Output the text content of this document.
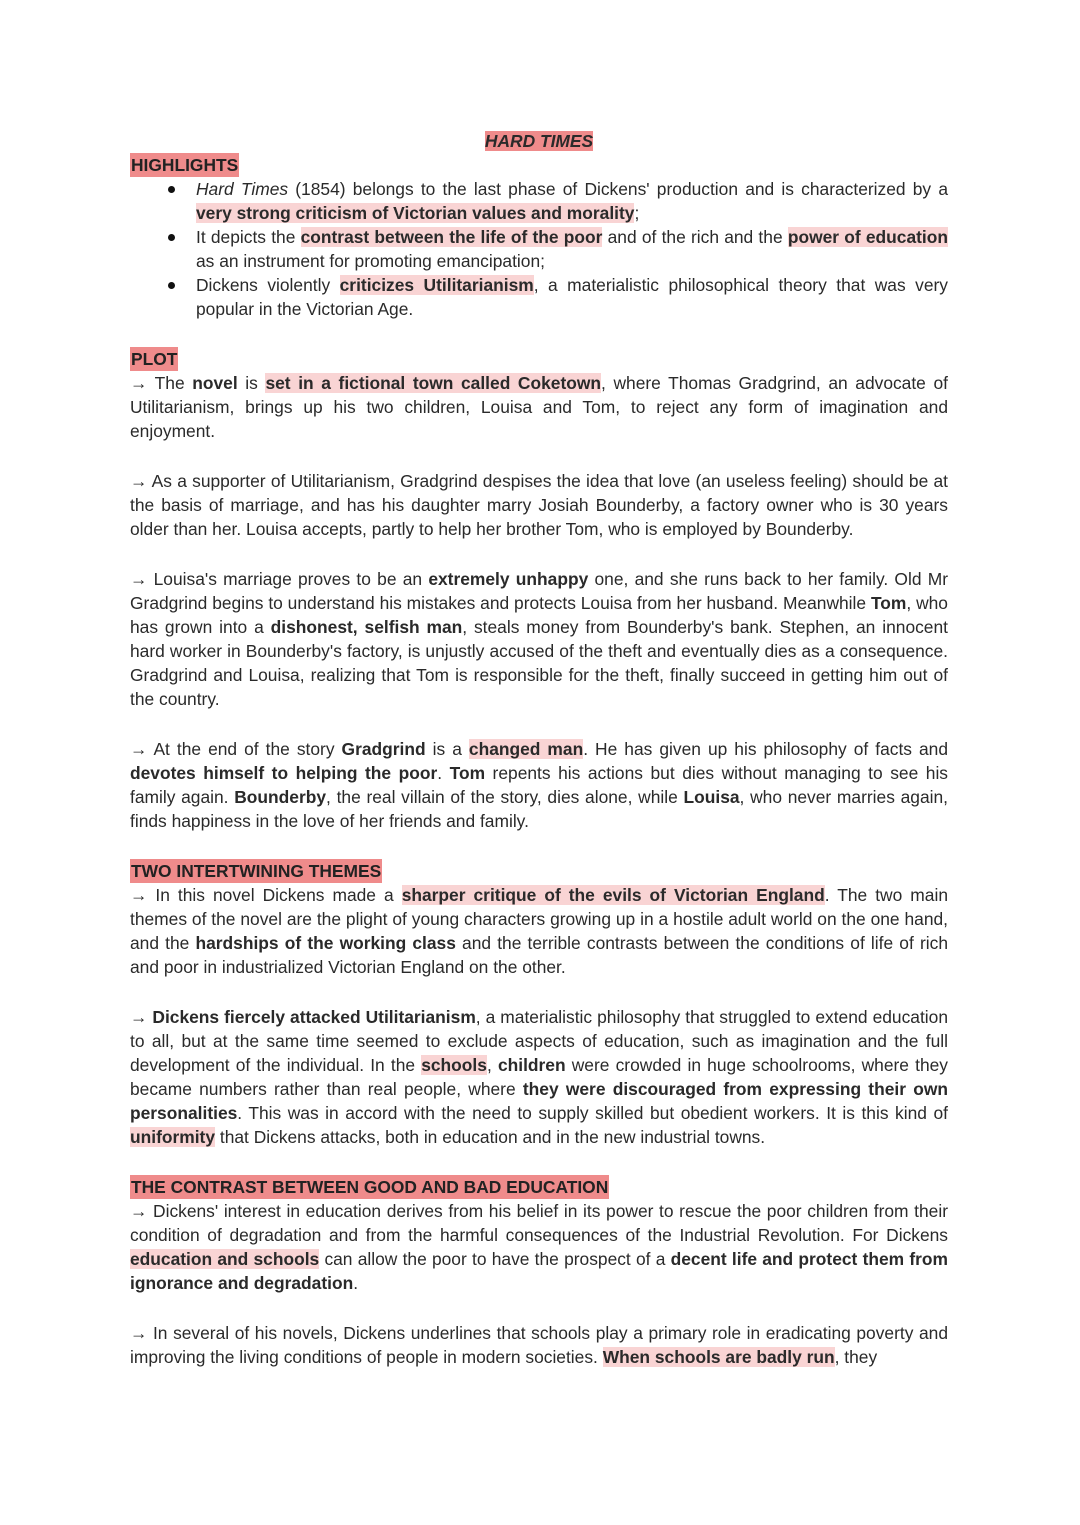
HARD TIMES
HIGHLIGHTS
Hard Times (1854) belongs to the last phase of Dickens' production and is characterized by a very strong criticism of Victorian values and morality;
It depicts the contrast between the life of the poor and of the rich and the power of education as an instrument for promoting emancipation;
Dickens violently criticizes Utilitarianism, a materialistic philosophical theory that was very popular in the Victorian Age.
PLOT

→ The novel is set in a fictional town called Coketown, where Thomas Gradgrind, an advocate of Utilitarianism, brings up his two children, Louisa and Tom, to reject any form of imagination and enjoyment.

→ As a supporter of Utilitarianism, Gradgrind despises the idea that love (an useless feeling) should be at the basis of marriage, and has his daughter marry Josiah Bounderby, a factory owner who is 30 years older than her. Louisa accepts, partly to help her brother Tom, who is employed by Bounderby.

→ Louisa's marriage proves to be an extremely unhappy one, and she runs back to her family. Old Mr Gradgrind begins to understand his mistakes and protects Louisa from her husband. Meanwhile Tom, who has grown into a dishonest, selfish man, steals money from Bounderby's bank. Stephen, an innocent hard worker in Bounderby's factory, is unjustly accused of the theft and eventually dies as a consequence. Gradgrind and Louisa, realizing that Tom is responsible for the theft, finally succeed in getting him out of the country.

→ At the end of the story Gradgrind is a changed man. He has given up his philosophy of facts and devotes himself to helping the poor. Tom repents his actions but dies without managing to see his family again. Bounderby, the real villain of the story, dies alone, while Louisa, who never marries again, finds happiness in the love of her friends and family.

TWO INTERTWINING THEMES

→ In this novel Dickens made a sharper critique of the evils of Victorian England. The two main themes of the novel are the plight of young characters growing up in a hostile adult world on the one hand, and the hardships of the working class and the terrible contrasts between the conditions of life of rich and poor in industrialized Victorian England on the other.

→ Dickens fiercely attacked Utilitarianism, a materialistic philosophy that struggled to extend education to all, but at the same time seemed to exclude aspects of education, such as imagination and the full development of the individual. In the schools, children were crowded in huge schoolrooms, where they became numbers rather than real people, where they were discouraged from expressing their own personalities. This was in accord with the need to supply skilled but obedient workers. It is this kind of uniformity that Dickens attacks, both in education and in the new industrial towns.

THE CONTRAST BETWEEN GOOD AND BAD EDUCATION

→ Dickens' interest in education derives from his belief in its power to rescue the poor children from their condition of degradation and from the harmful consequences of the Industrial Revolution. For Dickens education and schools can allow the poor to have the prospect of a decent life and protect them from ignorance and degradation.

→ In several of his novels, Dickens underlines that schools play a primary role in eradicating poverty and improving the living conditions of people in modern societies. When schools are badly run, they
